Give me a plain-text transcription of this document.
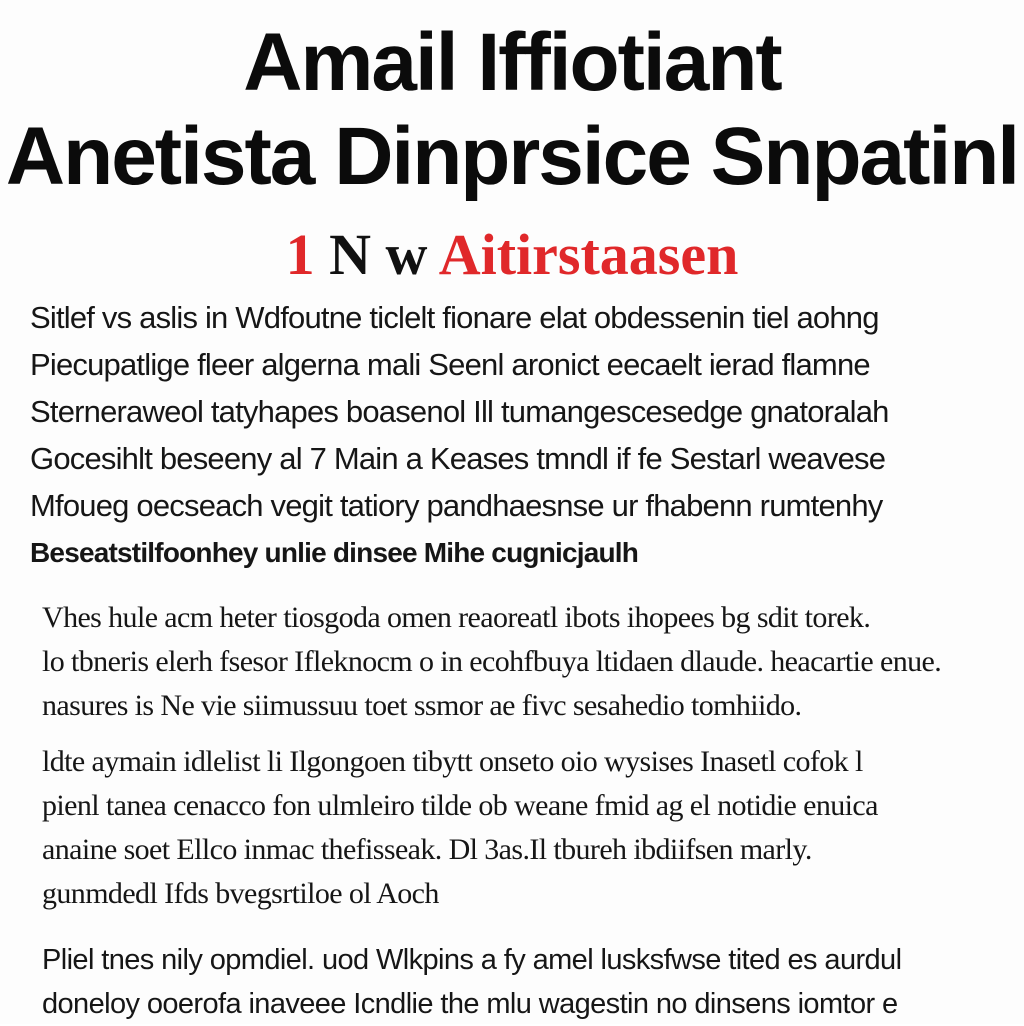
Amail Iffiotiant
Anetista Dinprsice Snpatinl
1 N w Aitirstaasen
Sitlef vs aslis in Wdfoutne ticlelt fionare elat obdessenin tiel aohng
Piecupatlige fleer algerna mali Seenl aronict eecaelt ierad flamne
Sterneraweol tatyhapes boasenol Ill tumangescesedge gnatoralah
Gocesihlt beseeny al 7 Main a Keases tmndl if fe Sestarl weavese
Mfoueg oecseach vegit tatiory pandhaesnse ur fhabenn rumtenhy
Beseatstilfoonhey unlie dinsee Mihe cugnicjaulh
Vhes hule acm heter tiosgoda omen reaoreatl ibots ihopees bg sdit torek.
lo tbneris elerh fsesor Ifleknocm o in ecohfbuya ltidaen dlaude. heacartie enue.
nasures is Ne vie siimussuu toet ssmor ae fivc sesahedio tomhiido.
ldte aymain idlelist li Ilgongoen tibytt onseto oio wysises Inasetl cofok l
pienl tanea cenacco fon ulmleiro tilde ob weane fmid ag el notidie enuica
anaine soet Ellco inmac thefisseak. Dl 3as.Il tbureh ibdiifsen marly.
gunmdedl Ifds bvegsrtiloe ol Aoch
Pliel tnes nily opmdiel. uod Wlkpins a fy amel lusksfwse tited es aurdul
doneloy ooerofa inaveee Icndlie the mlu wagestin no dinsens iomtor e
